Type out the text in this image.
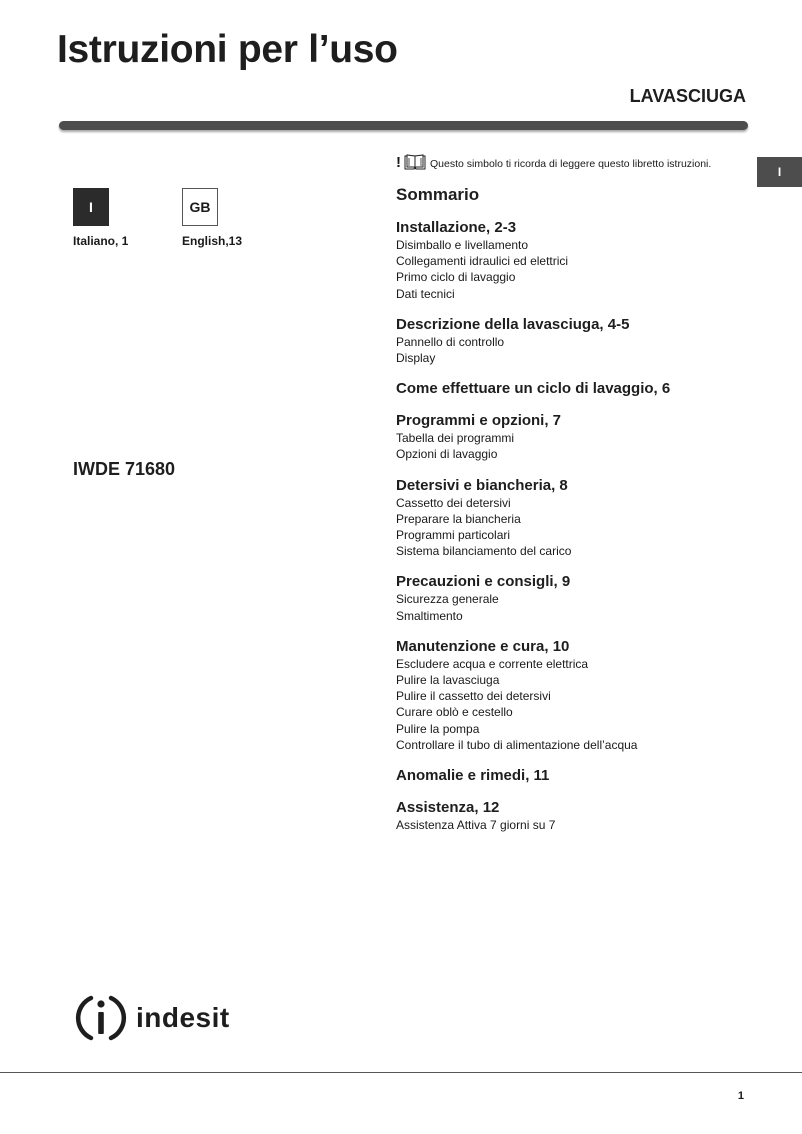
Istruzioni per l’uso
LAVASCIUGA
I
I
Italiano, 1
GB
English,13
IWDE 71680
!	Questo simbolo ti ricorda di leggere questo libretto istruzioni.
Sommario
Installazione, 2-3
Disimballo e livellamento
Collegamenti idraulici ed elettrici
Primo ciclo di lavaggio
Dati tecnici
Descrizione della lavasciuga, 4-5
Pannello di controllo
Display
Come effettuare un ciclo di lavaggio, 6
Programmi e opzioni, 7
Tabella dei programmi
Opzioni di lavaggio
Detersivi e biancheria, 8
Cassetto dei detersivi
Preparare la biancheria
Programmi particolari
Sistema bilanciamento del carico
Precauzioni e consigli, 9
Sicurezza generale
Smaltimento
Manutenzione e cura, 10
Escludere acqua e corrente elettrica
Pulire la lavasciuga
Pulire il cassetto dei detersivi
Curare oblò e cestello
Pulire la pompa
Controllare il tubo di alimentazione dell’acqua
Anomalie e rimedi, 11
Assistenza, 12
Assistenza Attiva 7 giorni su 7
indesit
1
